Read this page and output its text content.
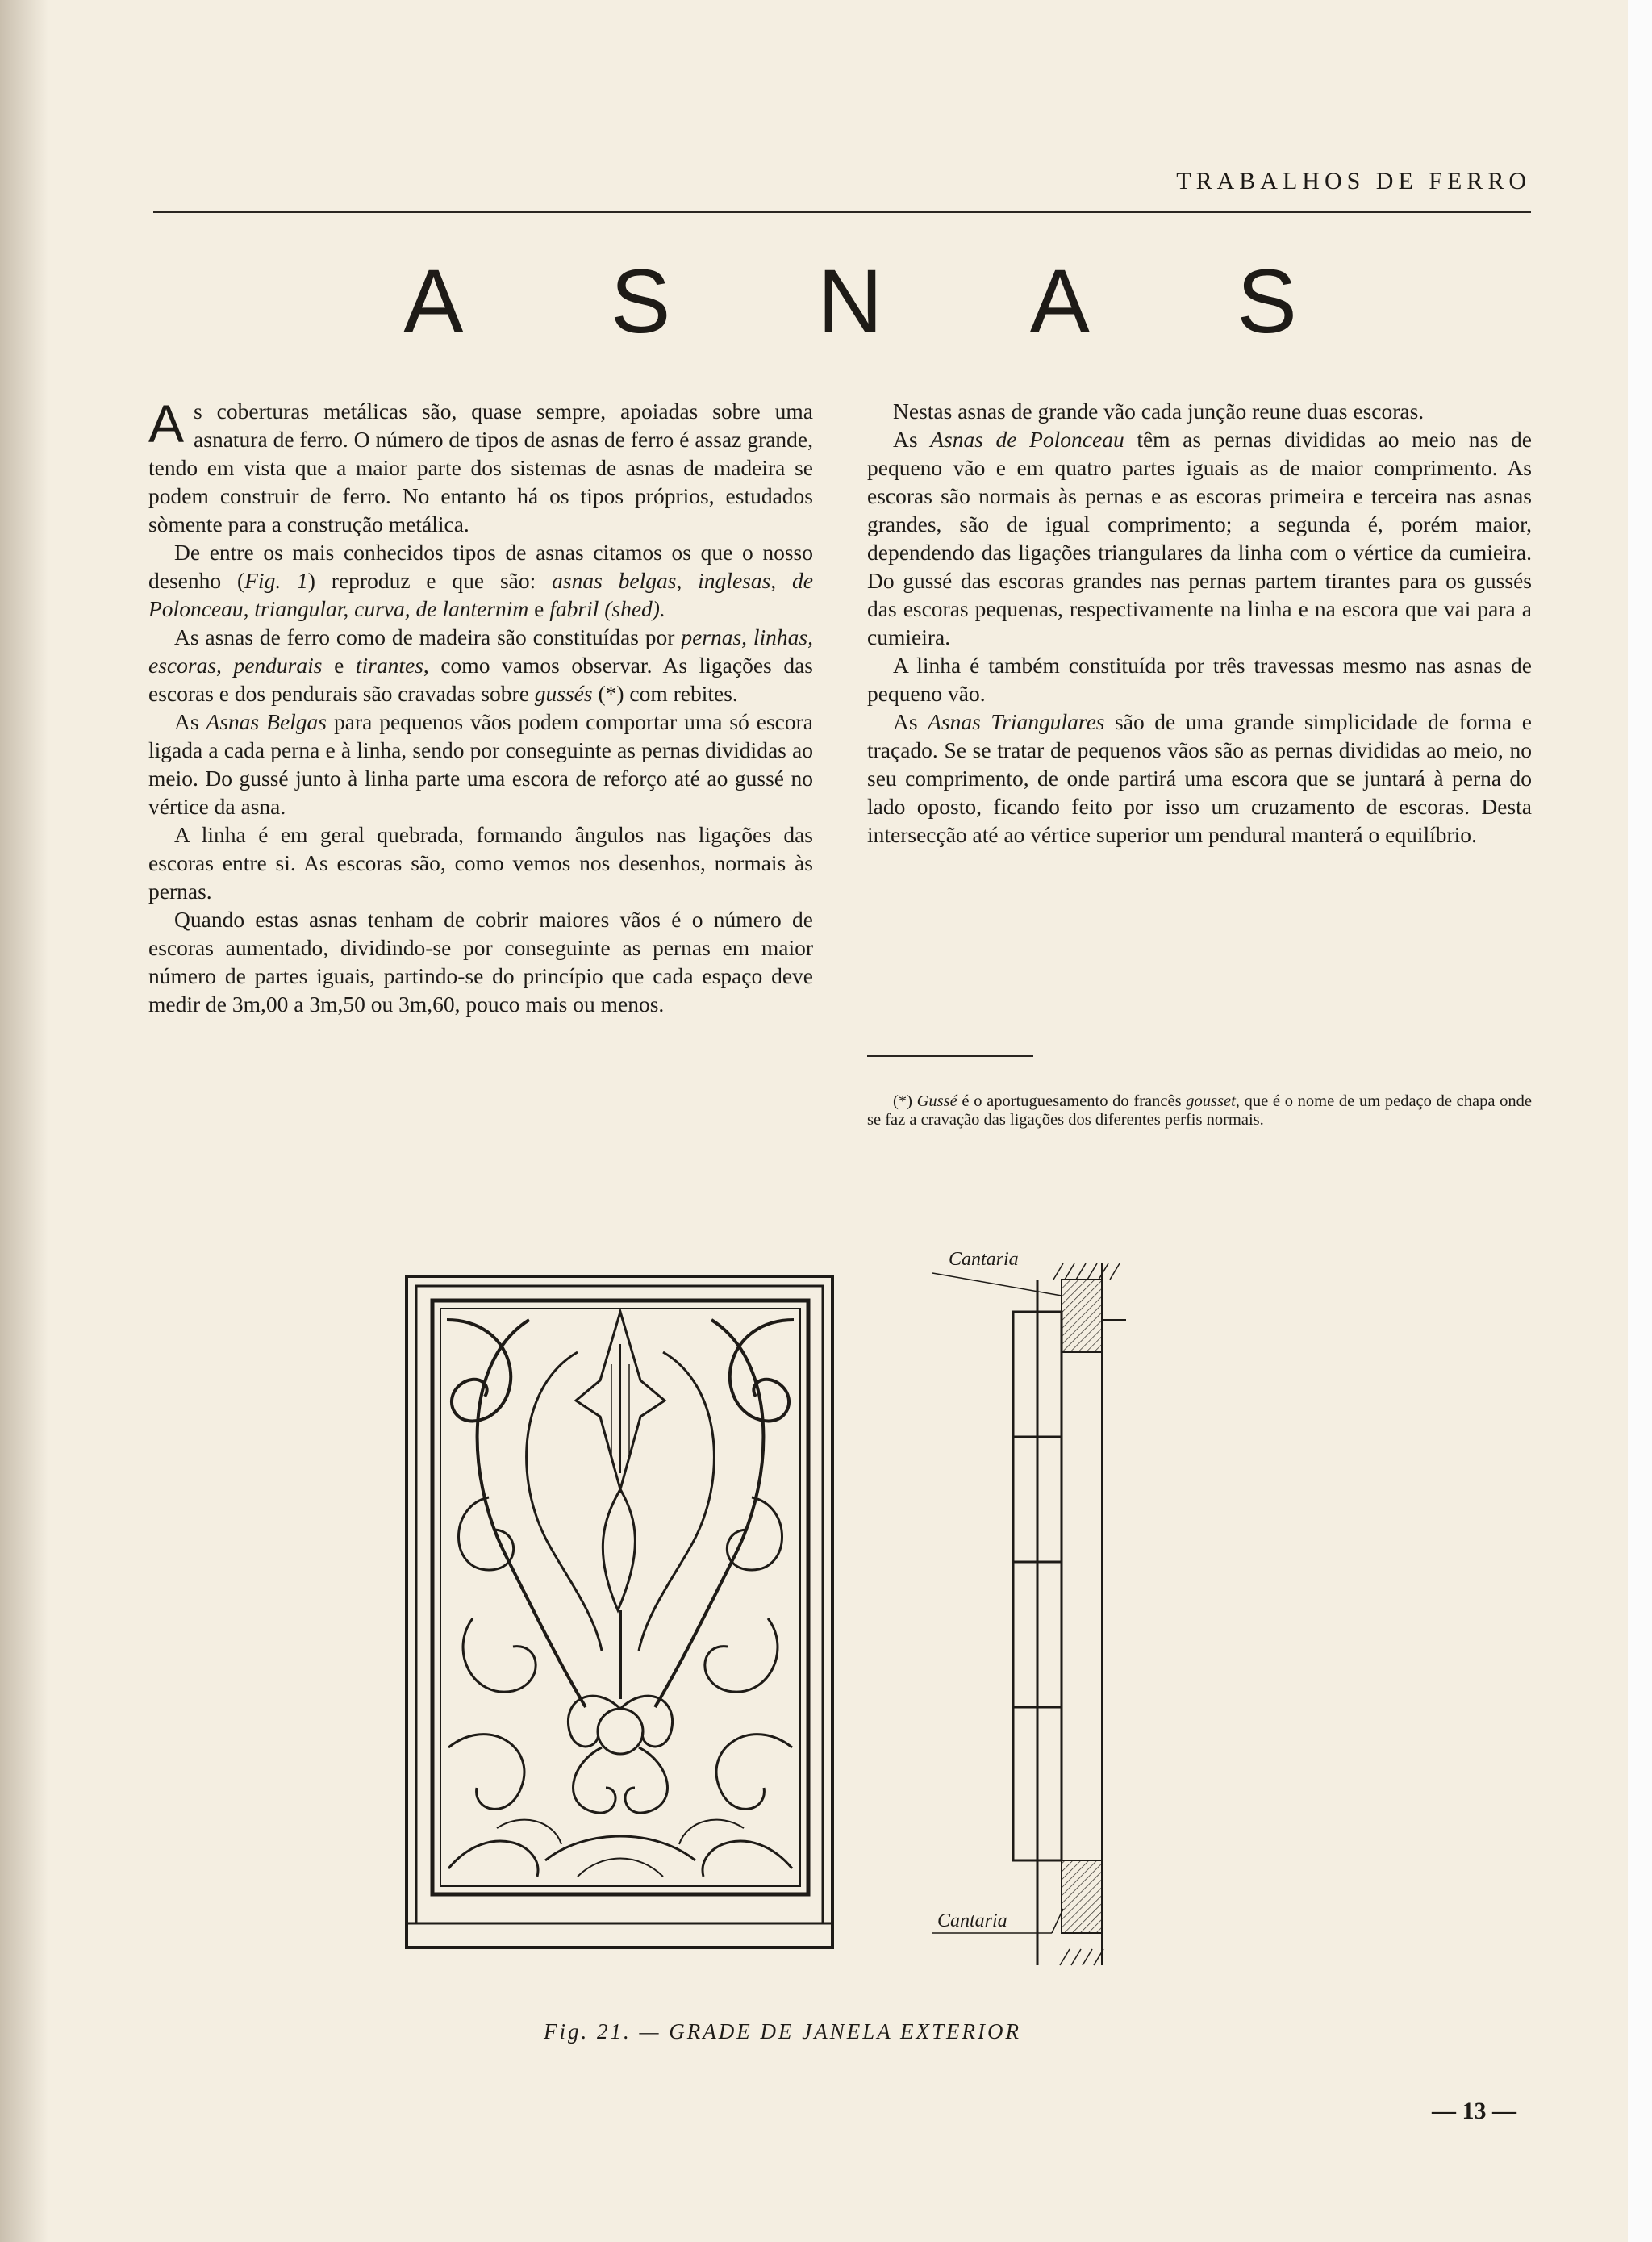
TRABALHOS DE FERRO
A S N A S

As coberturas metálicas são, quase sempre, apoiadas sobre uma asnatura de ferro. O número de tipos de asnas de ferro é assaz grande, tendo em vista que a maior parte dos sistemas de asnas de madeira se podem construir de ferro. No entanto há os tipos próprios, estudados sòmente para a construção metálica.

De entre os mais conhecidos tipos de asnas citamos os que o nosso desenho (Fig. 1) reproduz e que são: asnas belgas, inglesas, de Polonceau, triangular, curva, de lanternim e fabril (shed).

As asnas de ferro como de madeira são constituídas por pernas, linhas, escoras, pendurais e tirantes, como vamos observar. As ligações das escoras e dos pendurais são cravadas sobre gussés (*) com rebites.

As Asnas Belgas para pequenos vãos podem comportar uma só escora ligada a cada perna e à linha, sendo por conseguinte as pernas divididas ao meio. Do gussé junto à linha parte uma escora de reforço até ao gussé no vértice da asna.

A linha é em geral quebrada, formando ângulos nas ligações das escoras entre si. As escoras são, como vemos nos desenhos, normais às pernas.

Quando estas asnas tenham de cobrir maiores vãos é o número de escoras aumentado, dividindo-se por conseguinte as pernas em maior número de partes iguais, partindo-se do princípio que cada espaço deve medir de 3m,00 a 3m,50 ou 3m,60, pouco mais ou menos.

Nestas asnas de grande vão cada junção reune duas escoras.

As Asnas de Polonceau têm as pernas divididas ao meio nas de pequeno vão e em quatro partes iguais as de maior comprimento. As escoras são normais às pernas e as escoras primeira e terceira nas asnas grandes, são de igual comprimento; a segunda é, porém maior, dependendo das ligações triangulares da linha com o vértice da cumieira. Do gussé das escoras grandes nas pernas partem tirantes para os gussés das escoras pequenas, respectivamente na linha e na escora que vai para a cumieira.

A linha é também constituída por três travessas mesmo nas asnas de pequeno vão.

As Asnas Triangulares são de uma grande simplicidade de forma e traçado. Se se tratar de pequenos vãos são as pernas divididas ao meio, no seu comprimento, de onde partirá uma escora que se juntará à perna do lado oposto, ficando feito por isso um cruzamento de escoras. Desta intersecção até ao vértice superior um pendural manterá o equilíbrio.

(*) Gussé é o aportuguesamento do francês gousset, que é o nome de um pedaço de chapa onde se faz a cravação das ligações dos diferentes perfis normais.

Cantaria
Cantaria
Fig. 21. — GRADE DE JANELA EXTERIOR
— 13 —
